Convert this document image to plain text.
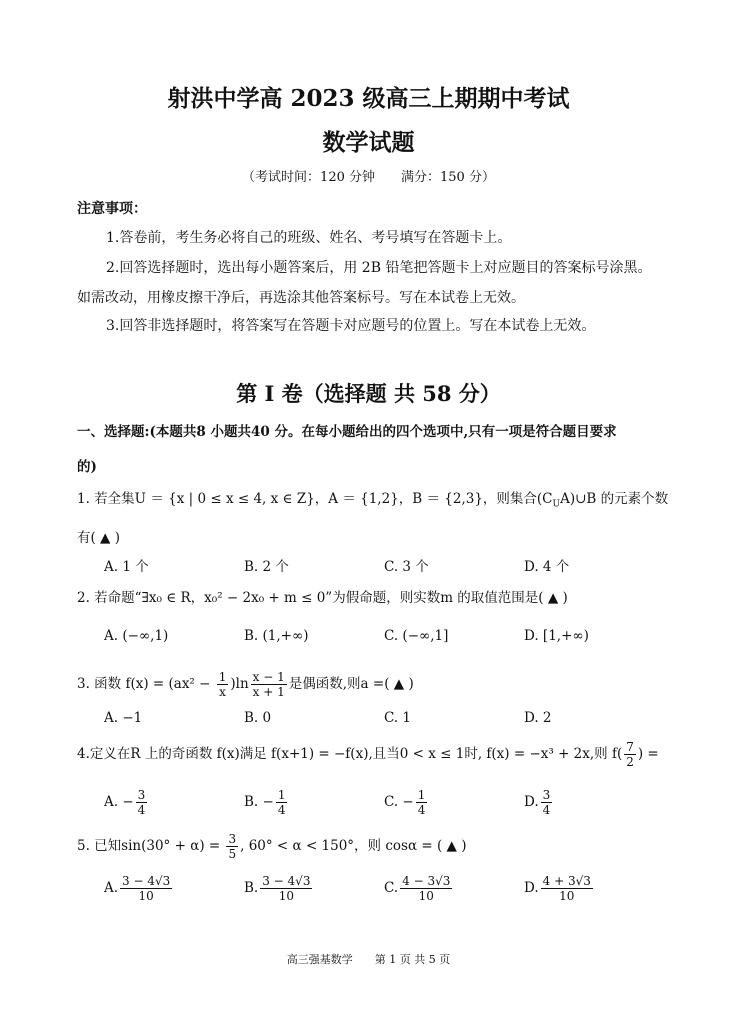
射洪中学高 2023 级高三上期期中考试
数学试题
（考试时间：120 分钟　　满分：150 分）
注意事项：
1.答卷前，考生务必将自己的班级、姓名、考号填写在答题卡上。
2.回答选择题时，选出每小题答案后，用 2B 铅笔把答题卡上对应题目的答案标号涂黑。
如需改动，用橡皮擦干净后，再选涂其他答案标号。写在本试卷上无效。
3.回答非选择题时，将答案写在答题卡对应题号的位置上。写在本试卷上无效。
第 I 卷（选择题 共 58 分）
一、选择题:(本题共8 小题共40 分。在每小题给出的四个选项中,只有一项是符合题目要求
的)
1. 若全集U ＝ {x | 0 ≤ x ≤ 4, x ∈ Z}，A ＝ {1,2}，B ＝ {2,3}，则集合$(C_UA)\cup B$ 的元素个数
有( ▲ )
A. 1 个	B. 2 个	C. 3 个	D. 4 个
2. 若命题“∃x₀ ∈ R，x₀² − 2x₀ + m ≤ 0”为假命题，则实数m 的取值范围是( ▲ )
A. (−∞,1)	B. (1,+∞)	C. (−∞,1]	D. [1,+∞)
3. 函数 $f(x) = (ax^2 - \frac{1}{x} )\ln \frac{x - 1}{x + 1}$ 是偶函数,则a =( ▲ )
A. −1	B. 0	C. 1	D. 2
4.定义在R 上的奇函数 f(x)满足 f(x+1) = −f(x),且当0 < x ≤ 1时, f(x) = −x³ + 2x,则 $f( \frac{7}{2}$ ) =
A. − $\frac{3}{4}$	B. − $\frac{1}{4}$	C. − $\frac{1}{4}$	D. $\frac{3}{4}$
5. 已知$\sin(30^\circ + \alpha) = \frac{3}{5}$ , 60° < α < 150°，则 cosα = ( ▲ )
A. $\frac{3 - 4√3}{10}$	B. $\frac{3 - 4√3}{10}$	C. $\frac{4 - 3√3}{10}$	D. $\frac{4 + 3√3}{10}$
高三强基数学　　第 1 页 共 5 页
